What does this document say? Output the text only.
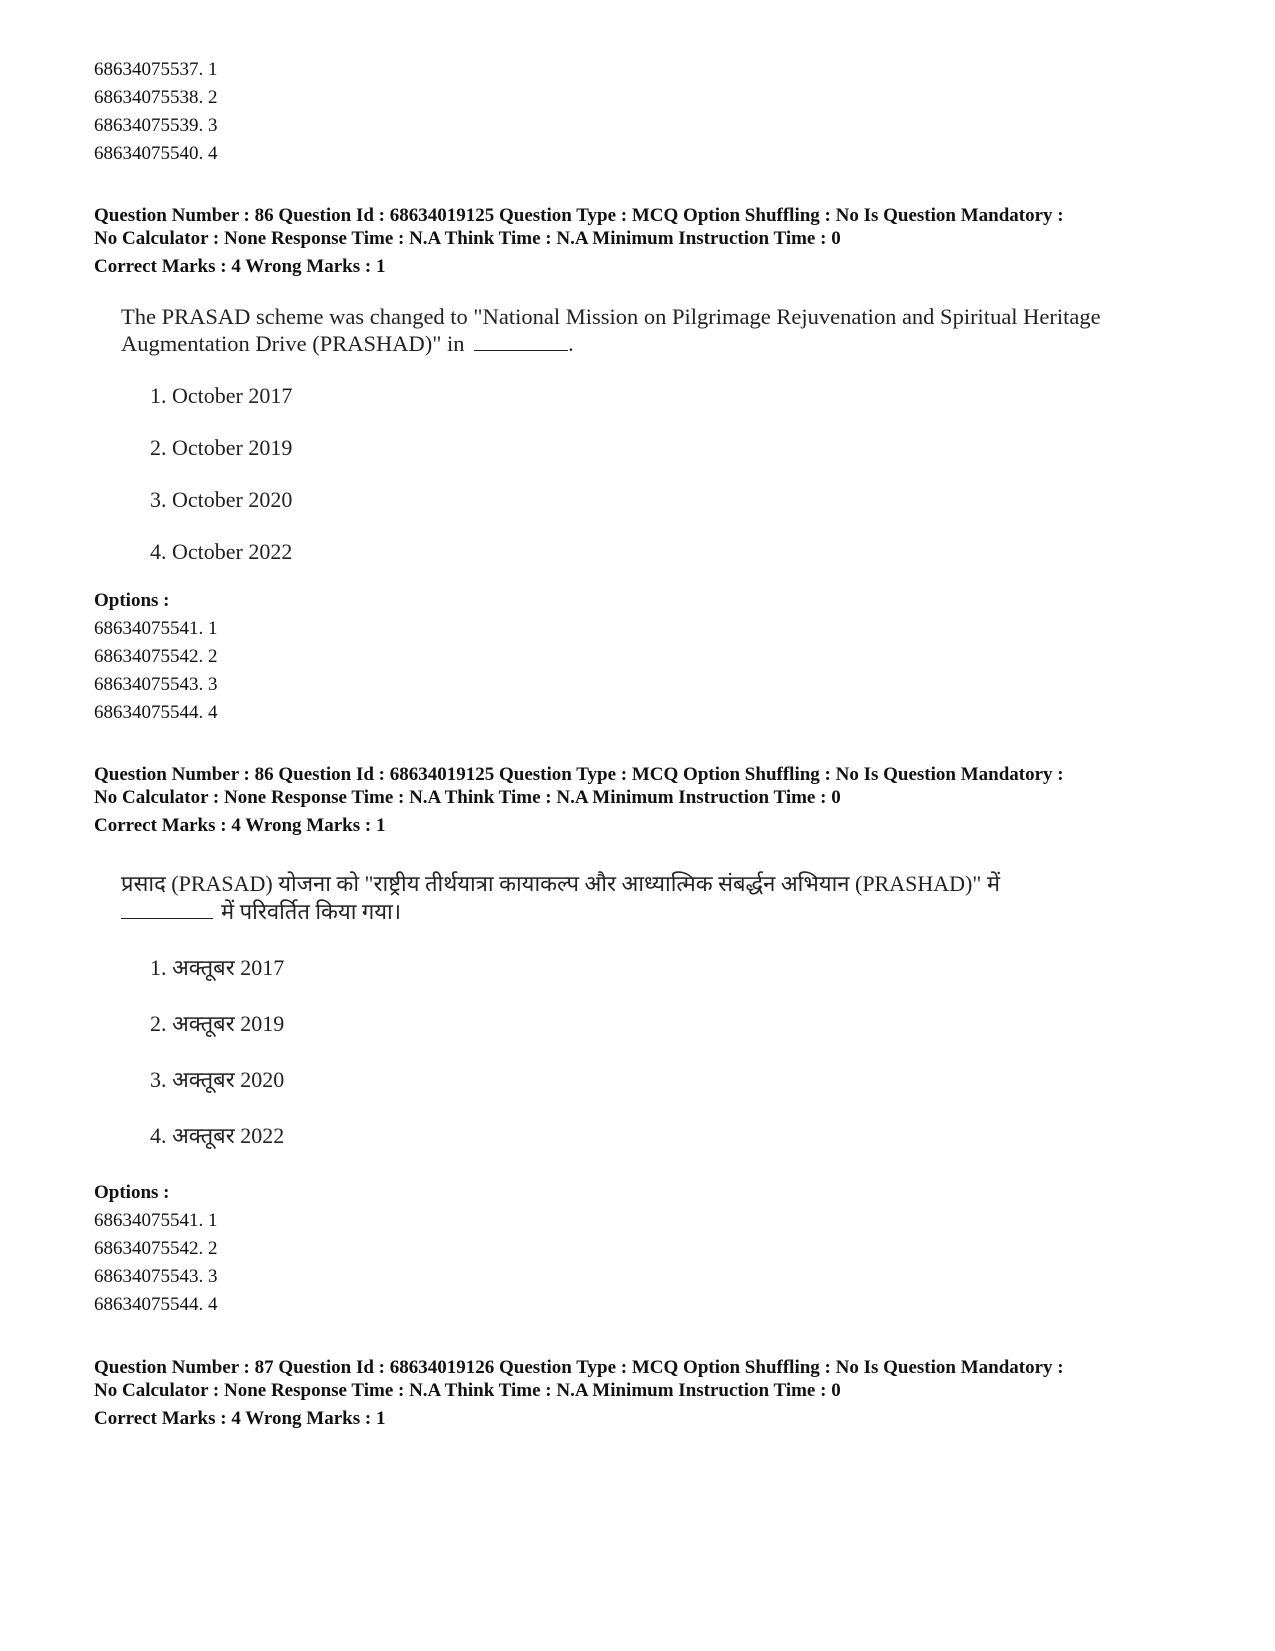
68634075537. 1
68634075538. 2
68634075539. 3
68634075540. 4
Question Number : 86 Question Id : 68634019125 Question Type : MCQ Option Shuffling : No Is Question Mandatory :
No Calculator : None Response Time : N.A Think Time : N.A Minimum Instruction Time : 0
Correct Marks : 4 Wrong Marks : 1
The PRASAD scheme was changed to "National Mission on Pilgrimage Rejuvenation and Spiritual Heritage
Augmentation Drive (PRASHAD)" in	.
1. October 2017
2. October 2019
3. October 2020
4. October 2022
Options :
68634075541. 1
68634075542. 2
68634075543. 3
68634075544. 4
Question Number : 86 Question Id : 68634019125 Question Type : MCQ Option Shuffling : No Is Question Mandatory :
No Calculator : None Response Time : N.A Think Time : N.A Minimum Instruction Time : 0
Correct Marks : 4 Wrong Marks : 1
प्रसाद (PRASAD) योजना को "राष्ट्रीय तीर्थयात्रा कायाकल्प और आध्यात्मिक संबर्द्धन अभियान (PRASHAD)" में
में परिवर्तित किया गया।
1. अक्तूबर 2017
2. अक्तूबर 2019
3. अक्तूबर 2020
4. अक्तूबर 2022
Options :
68634075541. 1
68634075542. 2
68634075543. 3
68634075544. 4
Question Number : 87 Question Id : 68634019126 Question Type : MCQ Option Shuffling : No Is Question Mandatory :
No Calculator : None Response Time : N.A Think Time : N.A Minimum Instruction Time : 0
Correct Marks : 4 Wrong Marks : 1
